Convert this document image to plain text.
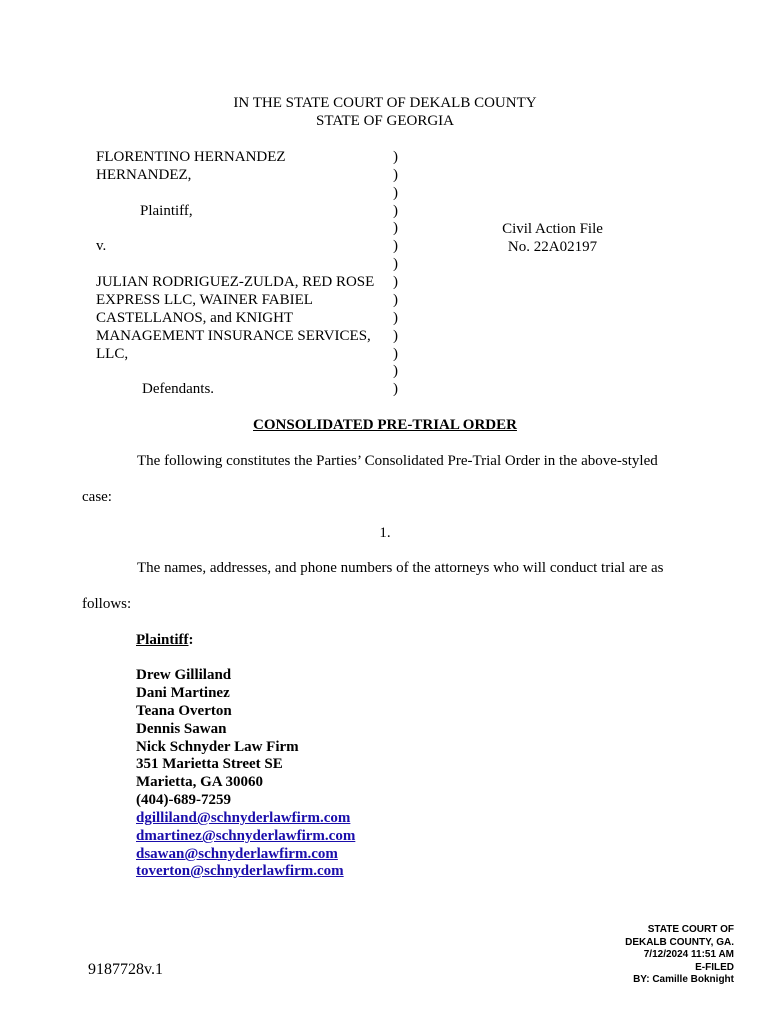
IN THE STATE COURT OF DEKALB COUNTY
STATE OF GEORGIA
FLORENTINO HERNANDEZ
HERNANDEZ,
Plaintiff,
v.
JULIAN RODRIGUEZ-ZULDA, RED ROSE
EXPRESS LLC, WAINER FABIEL
CASTELLANOS, and KNIGHT
MANAGEMENT INSURANCE SERVICES,
LLC,
Defendants.
)
)
)
)
)
)
)
)
)
)
)
)
)
)
Civil Action File
No. 22A02197
CONSOLIDATED PRE-TRIAL ORDER
The following constitutes the Parties’ Consolidated Pre-Trial Order in the above-styled
case:
1.
The names, addresses, and phone numbers of the attorneys who will conduct trial are as
follows:
Plaintiff:
Drew Gilliland
Dani Martinez
Teana Overton
Dennis Sawan
Nick Schnyder Law Firm
351 Marietta Street SE
Marietta, GA 30060
(404)-689-7259
dgilliland@schnyderlawfirm.com
dmartinez@schnyderlawfirm.com
dsawan@schnyderlawfirm.com
toverton@schnyderlawfirm.com
9187728v.1
STATE COURT OF
DEKALB COUNTY, GA.
7/12/2024 11:51 AM
E-FILED
BY: Camille Boknight
